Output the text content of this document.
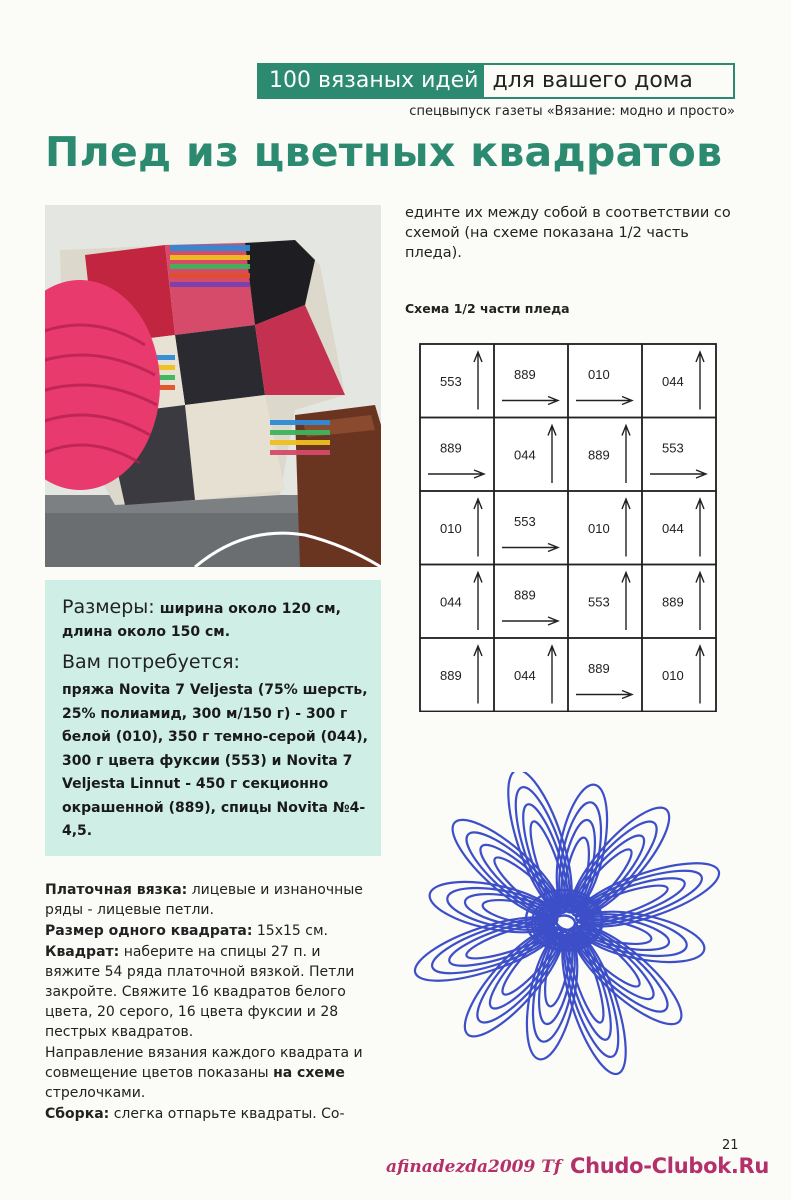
100 вязаных идей для вашего дома
спецвыпуск газеты «Вязание: модно и просто»
Плед из цветных квадратов
единте их между собой в соответствии со схемой (на схеме показана 1/2 часть пледа).
Схема 1/2 части пледа
553	889	010	044
889	044	889	553
010	553	010	044
044	889	553	889
889	044	889	010

Размеры: ширина около 120 см, длина около 150 см.

Вам потребуется:

пряжа Novita 7 Veljesta (75% шерсть, 25% полиамид, 300 м/150 г) - 300 г белой (010), 350 г темно-серой (044), 300 г цвета фуксии (553) и Novita 7 Veljesta Linnut - 450 г секционно окрашенной (889), спицы Novita №4-4,5.

Платочная вязка: лицевые и изнаночные ряды - лицевые петли.

Размер одного квадрата: 15x15 см.

Квадрат: наберите на спицы 27 п. и вяжите 54 ряда платочной вязкой. Петли закройте. Свяжите 16 квадратов белого цвета, 20 серого, 16 цвета фуксии и 28 пестрых квадратов.

Направление вязания каждого квадрата и совмещение цветов показаны на схеме стрелочками.

Сборка: слегка отпарьте квадраты. Со-

21
afinadezda2009 Tf Chudo-Clubok.Ru
